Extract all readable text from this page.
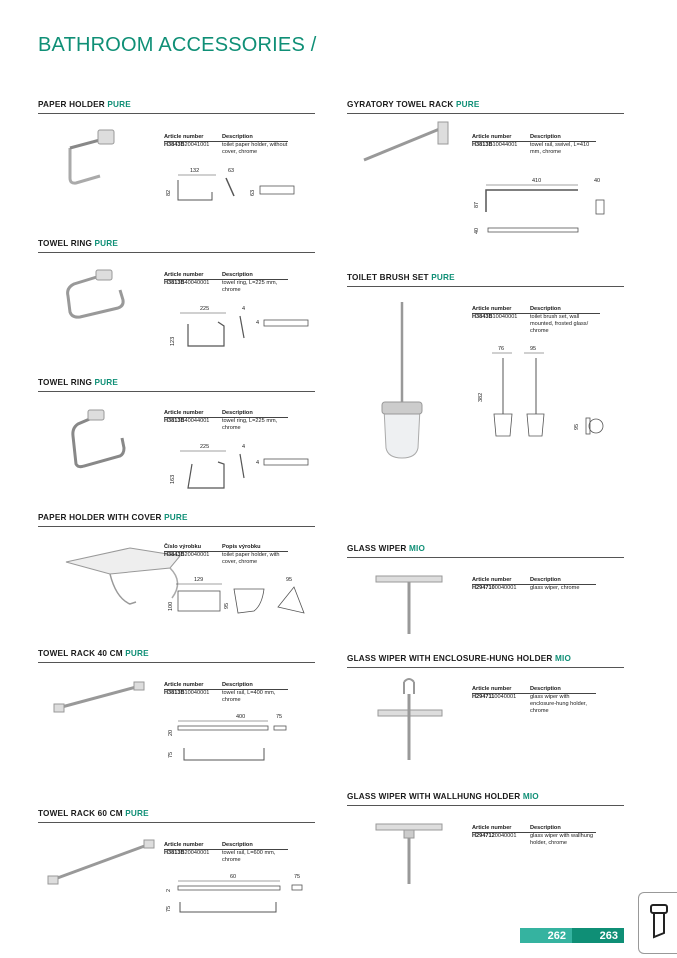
BATHROOM ACCESSORIES /
PAPER HOLDER PURE
Article number	Description
H3843B20041001	toilet paper holder, without cover, chrome
132	63
82	63
TOWEL RING PURE
Article number	Description
H3813B40040001	towel ring, L=225 mm, chrome
225	4
123
4
TOWEL RING PURE
Article number	Description
H3813B40044001	towel ring, L=225 mm, chrome
225	4
163
4
PAPER HOLDER WITH COVER PURE
Číslo výrobku	Popis výrobku
H3843B20040001	toilet paper holder, with cover, chrome
129	95
100	95
TOWEL RACK 40 CM PURE
Article number	Description
H3813B10040001	towel rail, L=400 mm, chrome
400	75
20
75
TOWEL RACK 60 CM PURE
Article number	Description
H3813B20040001	towel rail, L=600 mm, chrome
60	75
2
75
GYRATORY TOWEL RACK PURE
Article number	Description
H3813B10044001	towel rail, swivel, L=410 mm, chrome
410	40
87
40
TOILET BRUSH SET PURE
Article number	Description
H3843B10040001	toilet brush set, wall mounted, frosted glass/ chrome
76	95
382
95
GLASS WIPER MIO
Article number	Description
H2947100040001	glass wiper, chrome
GLASS WIPER WITH ENCLOSURE-HUNG HOLDER MIO
Article number	Description
H2947110040001	glass wiper with enclosure-hung holder, chrome
GLASS WIPER WITH WALLHUNG HOLDER MIO
Article number	Description
H2947120040001	glass wiper with wallhung holder, chrome
262	263
